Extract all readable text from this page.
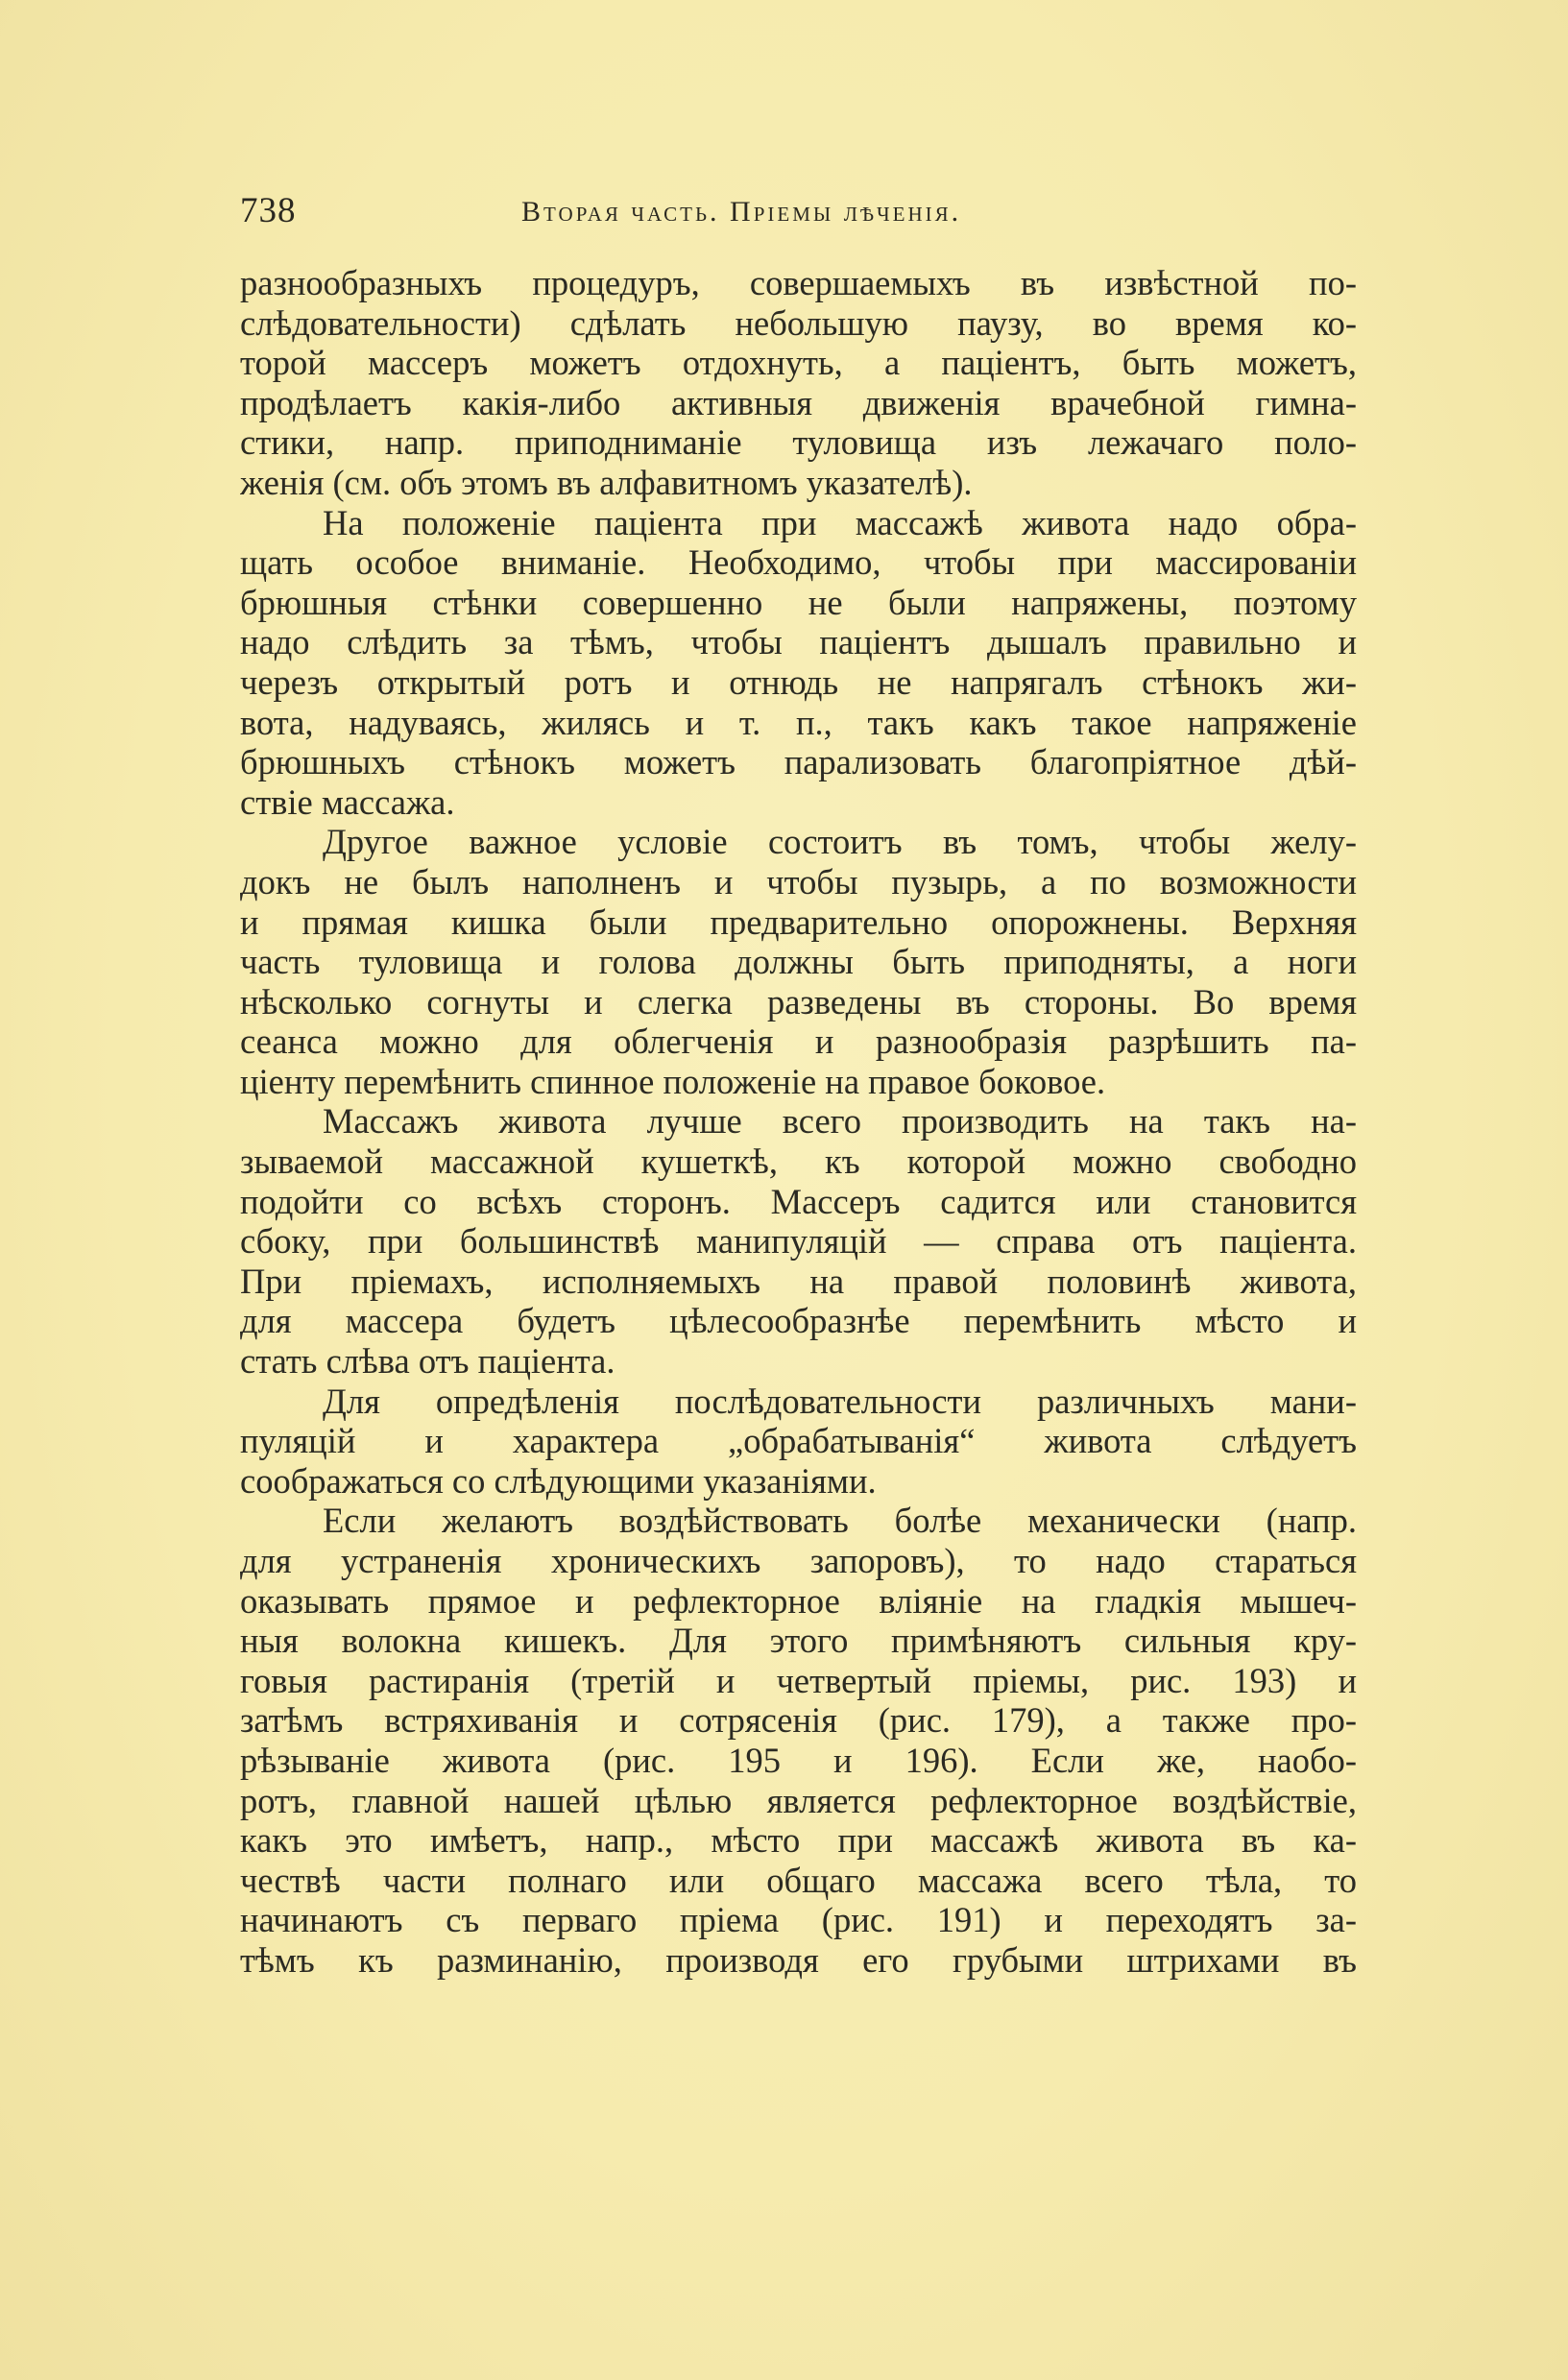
738	Вторая часть. Пріемы лѣченія.
разнообразныхъ процедуръ, совершаемыхъ въ извѣстной по-
слѣдовательности) сдѣлать небольшую паузу, во время ко-
торой массеръ можетъ отдохнуть, а паціентъ, быть можетъ,
продѣлаетъ какія-либо активныя движенія врачебной гимна-
стики, напр. приподниманіе туловища изъ лежачаго поло-
женія (см. объ этомъ въ алфавитномъ указателѣ).
На положеніе паціента при массажѣ живота надо обра-
щать особое вниманіе. Необходимо, чтобы при массированіи
брюшныя стѣнки совершенно не были напряжены, поэтому
надо слѣдить за тѣмъ, чтобы паціентъ дышалъ правильно и
черезъ открытый ротъ и отнюдь не напрягалъ стѣнокъ жи-
вота, надуваясь, жилясь и т. п., такъ какъ такое напряженіе
брюшныхъ стѣнокъ можетъ парализовать благопріятное дѣй-
ствіе массажа.
Другое важное условіе состоитъ въ томъ, чтобы желу-
докъ не былъ наполненъ и чтобы пузырь, а по возможности
и прямая кишка были предварительно опорожнены. Верхняя
часть туловища и голова должны быть приподняты, а ноги
нѣсколько согнуты и слегка разведены въ стороны. Во время
сеанса можно для облегченія и разнообразія разрѣшить па-
ціенту перемѣнить спинное положеніе на правое боковое.
Массажъ живота лучше всего производить на такъ на-
зываемой массажной кушеткѣ, къ которой можно свободно
подойти со всѣхъ сторонъ. Массеръ садится или становится
сбоку, при большинствѣ манипуляцій — справа отъ паціента.
При пріемахъ, исполняемыхъ на правой половинѣ живота,
для массера будетъ цѣлесообразнѣе перемѣнить мѣсто и
стать слѣва отъ паціента.
Для опредѣленія послѣдовательности различныхъ мани-
пуляцій и характера „обрабатыванія“ живота слѣдуетъ
соображаться со слѣдующими указаніями.
Если желаютъ воздѣйствовать болѣе механически (напр.
для устраненія хроническихъ запоровъ), то надо стараться
оказывать прямое и рефлекторное вліяніе на гладкія мышеч-
ныя волокна кишекъ. Для этого примѣняютъ сильныя кру-
говыя растиранія (третій и четвертый пріемы, рис. 193) и
затѣмъ встряхиванія и сотрясенія (рис. 179), а также про-
рѣзываніе живота (рис. 195 и 196). Если же, наобо-
ротъ, главной нашей цѣлью является рефлекторное воздѣйствіе,
какъ это имѣетъ, напр., мѣсто при массажѣ живота въ ка-
чествѣ части полнаго или общаго массажа всего тѣла, то
начинаютъ съ перваго пріема (рис. 191) и переходятъ за-
тѣмъ къ разминанію, производя его грубыми штрихами въ
